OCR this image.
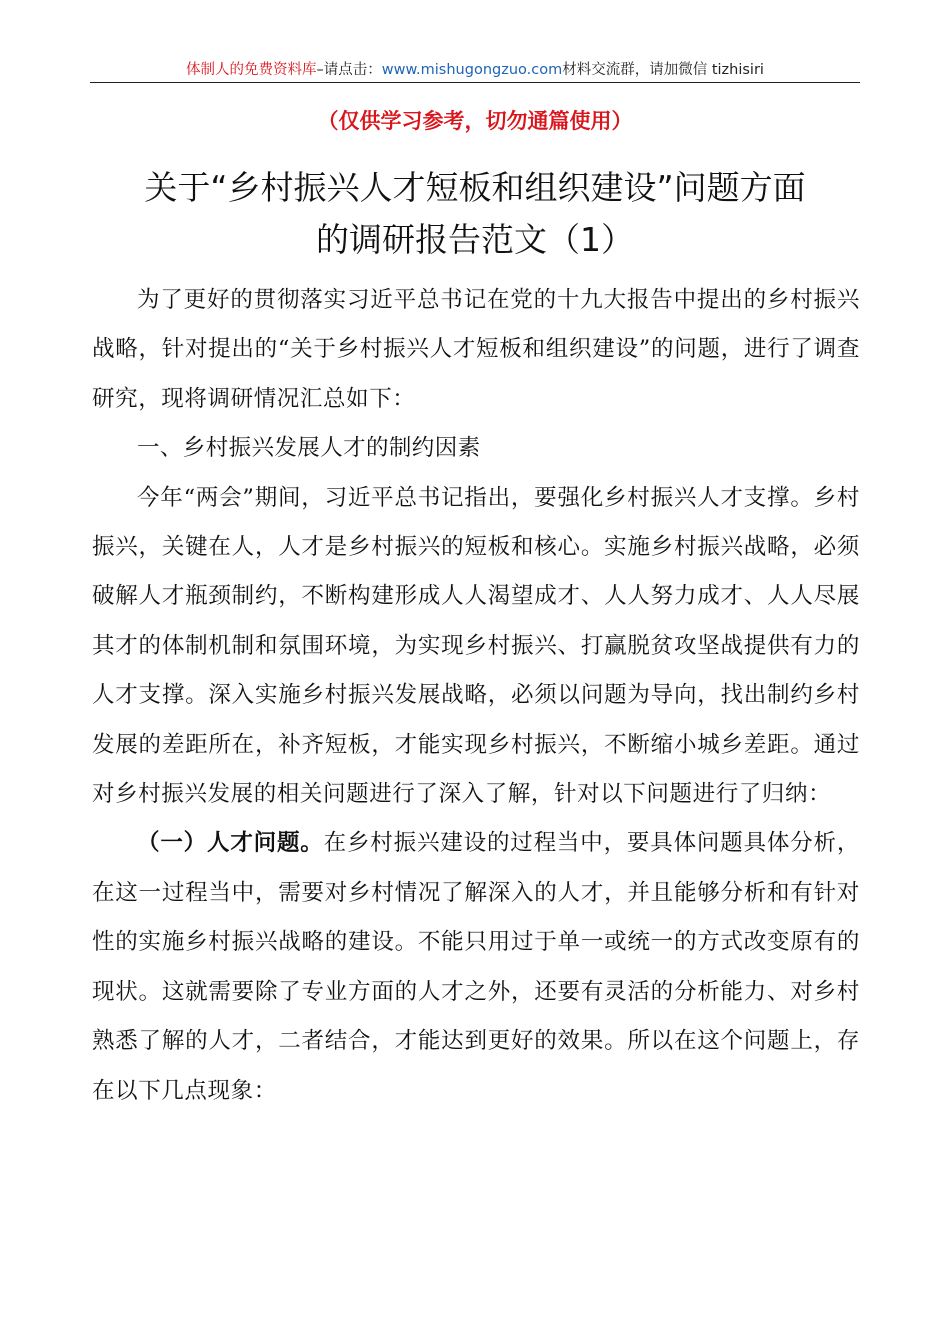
体制人的免费资料库–请点击：www.mishugongzuo.com材料交流群，请加微信 tizhisiri
（仅供学习参考，切勿通篇使用）
关于“乡村振兴人才短板和组织建设”问题方面
的调研报告范文（1）

为了更好的贯彻落实习近平总书记在党的十九大报告中提出的乡村振兴战略，针对提出的“关于乡村振兴人才短板和组织建设”的问题，进行了调查研究，现将调研情况汇总如下：

一、乡村振兴发展人才的制约因素

今年“两会”期间，习近平总书记指出，要强化乡村振兴人才支撑。乡村振兴，关键在人，人才是乡村振兴的短板和核心。实施乡村振兴战略，必须破解人才瓶颈制约，不断构建形成人人渴望成才、人人努力成才、人人尽展其才的体制机制和氛围环境，为实现乡村振兴、打赢脱贫攻坚战提供有力的人才支撑。深入实施乡村振兴发展战略，必须以问题为导向，找出制约乡村发展的差距所在，补齐短板，才能实现乡村振兴，不断缩小城乡差距。通过对乡村振兴发展的相关问题进行了深入了解，针对以下问题进行了归纳：

（一）人才问题。在乡村振兴建设的过程当中，要具体问题具体分析，在这一过程当中，需要对乡村情况了解深入的人才，并且能够分析和有针对性的实施乡村振兴战略的建设。不能只用过于单一或统一的方式改变原有的现状。这就需要除了专业方面的人才之外，还要有灵活的分析能力、对乡村熟悉了解的人才，二者结合，才能达到更好的效果。所以在这个问题上，存在以下几点现象：
